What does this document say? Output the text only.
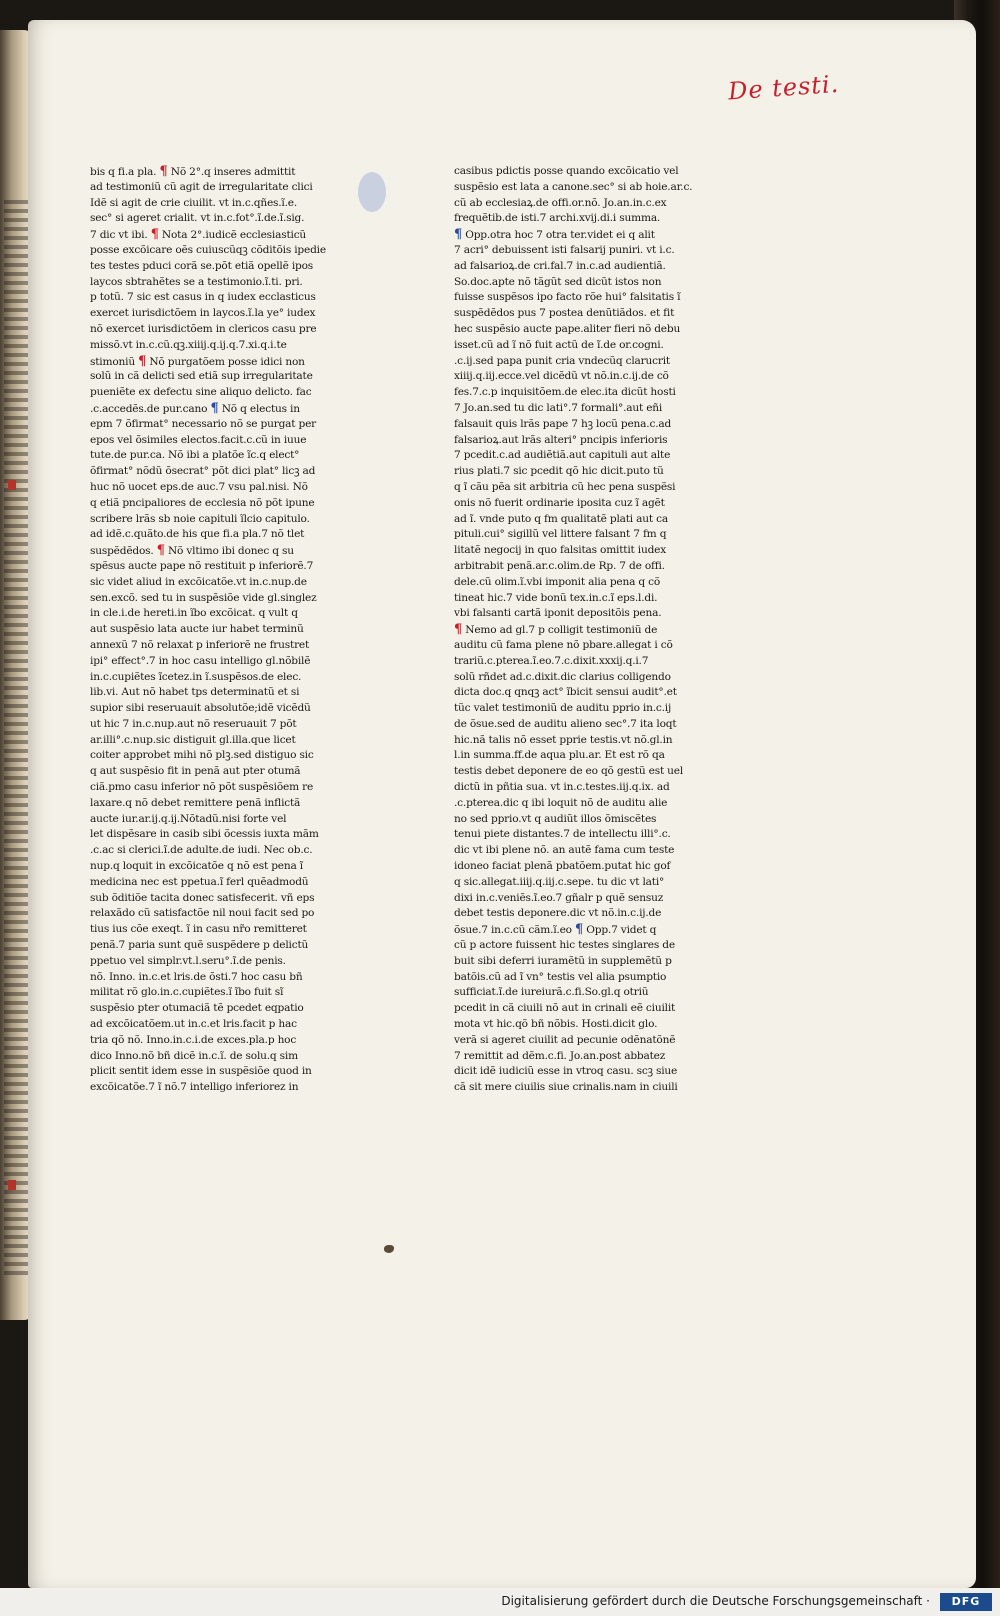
De testi.
bis q fi.a pla. ¶ Nõ 2°.q inseres admittit
ad testimoniũ cũ agit de irregularitate clici
Idẽ si agit de crie ciuilit. vt in.c.qñes.ĩ.e.
sec° si ageret crialit. vt in.c.fot°.ĩ.de.ĩ.sig.
7 dic vt ibi. ¶ Nota 2°.iudicẽ ecclesiasticũ
posse excõicare oẽs cuiuscũqꝫ cõditõis ipedie
tes testes pduci corã se.põt etiã opellẽ ipos
laycos sbtrahẽtes se a testimonio.ĩ.ti. pri.
p totũ. 7 sic est casus in q iudex ecclasticus
exercet iurisdictõem in laycos.ĩ.la ye° iudex
nõ exercet iurisdictõem in clericos casu pre
missõ.vt in.c.cũ.qꝫ.xiiij.q.ij.q.7.xi.q.i.te
stimoniũ ¶ Nõ purgatõem posse idici non
solũ in cã delicti sed etiã sup irregularitate
pueniẽte ex defectu sine aliquo delicto. fac
.c.accedẽs.de pur.cano ¶ Nõ q electus in
epm 7 õfirmat° necessario nõ se purgat per
epos vel õsimiles electos.facit.c.cũ in iuue
tute.de pur.ca. Nõ ibi a platõe ĩc.q elect°
õfirmat° nõdũ õsecrat° põt dici plat° licꝫ ad
huc nõ uocet eps.de auc.7 vsu pal.nisi. Nõ
q etiã pncipaliores de ecclesia nõ põt ipune
scribere lrãs sb noie capituli ĩlcio capitulo.
ad idẽ.c.quãto.de his que fi.a pla.7 nõ tlet
suspẽdẽdos. ¶ Nõ vltimo ibi donec q su
spẽsus aucte pape nõ restituit p inferiorẽ.7
sic videt aliud in excõicatõe.vt in.c.nup.de
sen.excõ. sed tu in suspẽsiõe vide gl.singlez
in cle.i.de hereti.in ĩbo excõicat. q vult q
aut suspẽsio lata aucte iur habet terminũ
annexũ 7 nõ relaxat p inferiorẽ ne frustret
ipi° effect°.7 in hoc casu intelligo gl.nõbilẽ
in.c.cupiẽtes ĩcetez.in ĩ.suspẽsos.de elec.
lib.vi. Aut nõ habet tps determinatũ et si
supior sibi reseruauit absolutõe;idẽ vicẽdũ
ut hic 7 in.c.nup.aut nõ reseruauit 7 põt
ar.illi°.c.nup.sic distiguit gl.illa.que licet
coiter approbet mihi nõ plꝫ.sed distiguo sic
q aut suspẽsio fit in penã aut pter otumã
ciã.pmo casu inferior nõ põt suspẽsiõem re
laxare.q nõ debet remittere penã inflictã
aucte iur.ar.ij.q.ij.Nõtadũ.nisi forte vel
let dispẽsare in casib sibi õcessis iuxta mãm
.c.ac si clerici.ĩ.de adulte.de iudi. Nec ob.c.
nup.q loquit in excõicatõe q nõ est pena ĩ
medicina nec est ppetua.ĩ ferl quẽadmodũ
sub õditiõe tacita donec satisfecerit. vñ eps
relaxãdo cũ satisfactõe nil noui facit sed po
tius ius cõe exeqt. ĩ in casu nr̃o remitteret
penã.7 paria sunt quẽ suspẽdere p delictũ
ppetuo vel simplr.vt.l.seru°.ĩ.de penis.
nõ. Inno. in.c.et lris.de õsti.7 hoc casu bñ
militat rõ glo.in.c.cupiẽtes.ĩ ĩbo fuit sĩ
suspẽsio pter otumaciã tẽ pcedet eqpatio
ad excõicatõem.ut in.c.et lris.facit p hac
tria qõ nõ. Inno.in.c.i.de exces.pla.p hoc
dico Inno.nõ bñ dicẽ in.c.ĩ. de solu.q sim
plicit sentit idem esse in suspẽsiõe quod in
excõicatõe.7 ĩ nõ.7 intelligo inferiorez in
casibus pdictis posse quando excõicatio vel
suspẽsio est lata a canone.sec° si ab hoie.ar.c.
cũ ab ecclesiaꝝ.de offi.or.nõ. Jo.an.in.c.ex
frequẽtib.de isti.7 archi.xvij.di.i summa.
¶ Opp.otra hoc 7 otra ter.videt ei q alit
7 acri° debuissent isti falsarij puniri. vt i.c.
ad falsarioꝝ.de cri.fal.7 in.c.ad audientiã.
So.doc.apte nõ tãgũt sed dicũt istos non
fuisse suspẽsos ipo facto rõe hui° falsitatis ĩ
suspẽdẽdos pus 7 postea denũtiãdos. et fit
hec suspẽsio aucte pape.aliter fieri nõ debu
isset.cũ ad ĩ nõ fuit actũ de ĩ.de or.cogni.
.c.ij.sed papa punit cria vndecũq clarucrit
xiiij.q.iij.ecce.vel dicẽdũ vt nõ.in.c.ij.de cõ
fes.7.c.p inquisitõem.de elec.ita dicũt hosti
7 Jo.an.sed tu dic lati°.7 formali°.aut eñi
falsauit quis lrãs pape 7 hꝫ locũ pena.c.ad
falsarioꝝ.aut lrãs alteri° pncipis inferioris
7 pcedit.c.ad audiẽtiã.aut capituli aut alte
rius plati.7 sic pcedit qõ hic dicit.puto tũ
q ĩ cãu pẽa sit arbitria cũ hec pena suspẽsi
onis nõ fuerit ordinarie iposita cuz ĩ agẽt
ad ĩ. vnde puto q fm qualitatẽ plati aut ca
pituli.cui° sigillũ vel littere falsant 7 fm q
litatẽ negocij in quo falsitas omittit iudex
arbitrabit penã.ar.c.olim.de Rp. 7 de offi.
dele.cũ olim.ĩ.vbi imponit alia pena q cõ
tineat hic.7 vide bonũ tex.in.c.ĩ eps.l.di.
vbi falsanti cartã iponit depositõis pena.
¶ Nemo ad gl.7 p colligit testimoniũ de
auditu cũ fama plene nõ pbare.allegat i cõ
trariũ.c.pterea.ĩ.eo.7.c.dixit.xxxij.q.i.7
solũ rñdet ad.c.dixit.dic clarius colligendo
dicta doc.q qnqꝫ act° ĩbicit sensui audit°.et
tũc valet testimoniũ de auditu pprio in.c.ij
de õsue.sed de auditu alieno sec°.7 ita loqt
hic.nã talis nõ esset pprie testis.vt nõ.gl.in
l.in summa.ff.de aqua plu.ar. Et est rõ qa
testis debet deponere de eo qõ gestũ est uel
dictũ in pñtia sua. vt in.c.testes.iij.q.ix. ad
.c.pterea.dic q ibi loquit nõ de auditu alie
no sed pprio.vt q audiũt illos õmiscẽtes
tenui piete distantes.7 de intellectu illi°.c.
dic vt ibi plene nõ. an autẽ fama cum teste
idoneo faciat plenã pbatõem.putat hic gof
q sic.allegat.iiij.q.iij.c.sepe. tu dic vt lati°
dixi in.c.veniẽs.ĩ.eo.7 gñalr p quẽ sensuz
debet testis deponere.dic vt nõ.in.c.ij.de
õsue.7 in.c.cũ cãm.ĩ.eo ¶ Opp.7 videt q
cũ p actore fuissent hic testes singlares de
buit sibi deferri iuramẽtũ in supplemẽtũ p
batõis.cũ ad ĩ vn° testis vel alia psumptio
sufficiat.ĩ.de iureiurã.c.fi.So.gl.q otriũ
pcedit in cã ciuili nõ aut in crinali eẽ ciuilit
mota vt hic.qõ bñ nõbis. Hosti.dicit glo.
verã si ageret ciuilit ad pecunie odẽnatõnẽ
7 remittit ad dẽm.c.fi. Jo.an.post abbatez
dicit idẽ iudiciũ esse in vtroq casu. scꝫ siue
cã sit mere ciuilis siue crinalis.nam in ciuili
Digitalisierung gefördert durch die Deutsche Forschungsgemeinschaft ·	DFG
